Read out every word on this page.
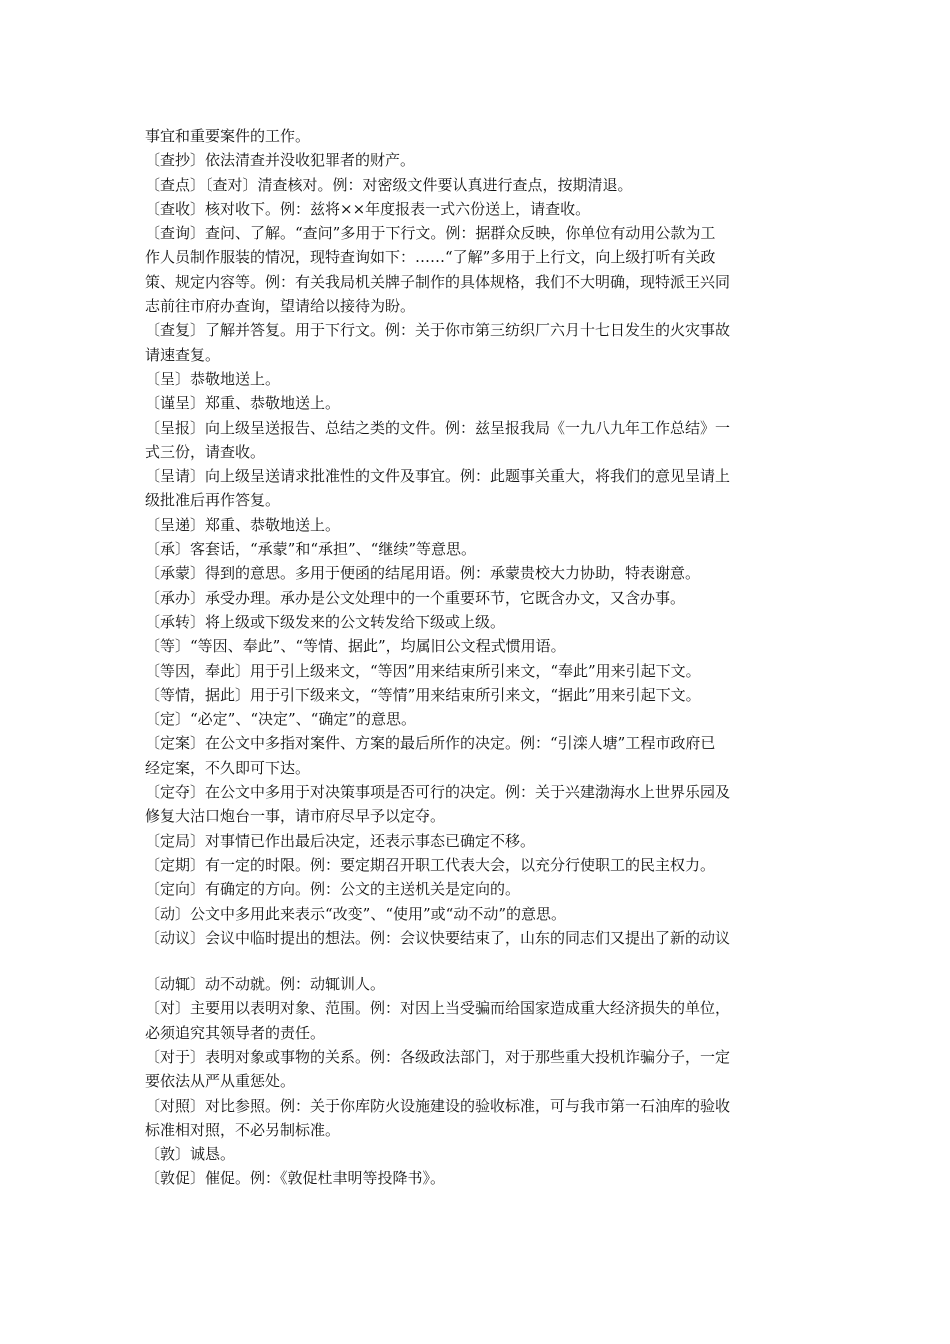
事宜和重要案件的工作。
〔查抄〕依法清查并没收犯罪者的财产。
〔查点〕〔查对〕清查核对。例：对密级文件要认真进行查点，按期清退。
〔查收〕核对收下。例：兹将××年度报表一式六份送上，请查收。
〔查询〕查问、了解。“查问”多用于下行文。例：据群众反映，你单位有动用公款为工
作人员制作服装的情况，现特查询如下：……“了解”多用于上行文，向上级打听有关政
策、规定内容等。例：有关我局机关牌子制作的具体规格，我们不大明确，现特派王兴同
志前往市府办查询，望请给以接待为盼。
〔查复〕了解并答复。用于下行文。例：关于你市第三纺织厂六月十七日发生的火灾事故
请速查复。
〔呈〕恭敬地送上。
〔谨呈〕郑重、恭敬地送上。
〔呈报〕向上级呈送报告、总结之类的文件。例：兹呈报我局《一九八九年工作总结》一
式三份，请查收。
〔呈请〕向上级呈送请求批准性的文件及事宜。例：此题事关重大，将我们的意见呈请上
级批准后再作答复。
〔呈递〕郑重、恭敬地送上。
〔承〕客套话，“承蒙”和“承担”、“继续”等意思。
〔承蒙〕得到的意思。多用于便函的结尾用语。例：承蒙贵校大力协助，特表谢意。
〔承办〕承受办理。承办是公文处理中的一个重要环节，它既含办文，又含办事。
〔承转〕将上级或下级发来的公文转发给下级或上级。
〔等〕“等因、奉此”、“等情、据此”，均属旧公文程式惯用语。
〔等因，奉此〕用于引上级来文，“等因”用来结束所引来文，“奉此”用来引起下文。
〔等情，据此〕用于引下级来文，“等情”用来结束所引来文，“据此”用来引起下文。
〔定〕“必定”、“决定”、“确定”的意思。
〔定案〕在公文中多指对案件、方案的最后所作的决定。例：“引滦人塘”工程市政府已
经定案，不久即可下达。
〔定夺〕在公文中多用于对决策事项是否可行的决定。例：关于兴建渤海水上世界乐园及
修复大沽口炮台一事，请市府尽早予以定夺。
〔定局〕对事情已作出最后决定，还表示事态已确定不移。
〔定期〕有一定的时限。例：要定期召开职工代表大会，以充分行使职工的民主权力。
〔定向〕有确定的方向。例：公文的主送机关是定向的。
〔动〕公文中多用此来表示“改变”、“使用”或“动不动”的意思。
〔动议〕会议中临时提出的想法。例：会议快要结束了，山东的同志们又提出了新的动议
〔动辄〕动不动就。例：动辄训人。
〔对〕主要用以表明对象、范围。例：对因上当受骗而给国家造成重大经济损失的单位，
必须追究其领导者的责任。
〔对于〕表明对象或事物的关系。例：各级政法部门，对于那些重大投机诈骗分子，一定
要依法从严从重惩处。
〔对照〕对比参照。例：关于你库防火设施建设的验收标准，可与我市第一石油库的验收
标准相对照，不必另制标准。
〔敦〕诚恳。
〔敦促〕催促。例：《敦促杜聿明等投降书》。
